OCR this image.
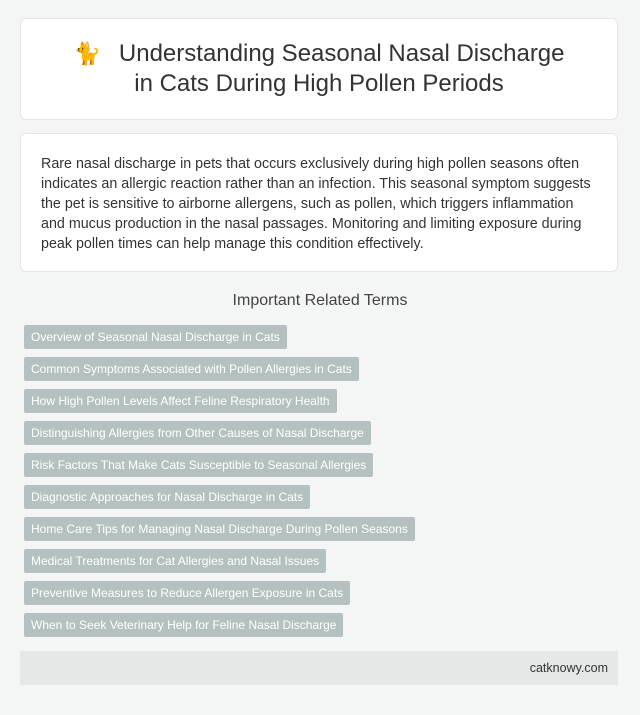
🐈 Understanding Seasonal Nasal Discharge in Cats During High Pollen Periods

Rare nasal discharge in pets that occurs exclusively during high pollen seasons often indicates an allergic reaction rather than an infection. This seasonal symptom suggests the pet is sensitive to airborne allergens, such as pollen, which triggers inflammation and mucus production in the nasal passages. Monitoring and limiting exposure during peak pollen times can help manage this condition effectively.

Important Related Terms
Overview of Seasonal Nasal Discharge in Cats
Common Symptoms Associated with Pollen Allergies in Cats
How High Pollen Levels Affect Feline Respiratory Health
Distinguishing Allergies from Other Causes of Nasal Discharge
Risk Factors That Make Cats Susceptible to Seasonal Allergies
Diagnostic Approaches for Nasal Discharge in Cats
Home Care Tips for Managing Nasal Discharge During Pollen Seasons
Medical Treatments for Cat Allergies and Nasal Issues
Preventive Measures to Reduce Allergen Exposure in Cats
When to Seek Veterinary Help for Feline Nasal Discharge
catknowy.com
